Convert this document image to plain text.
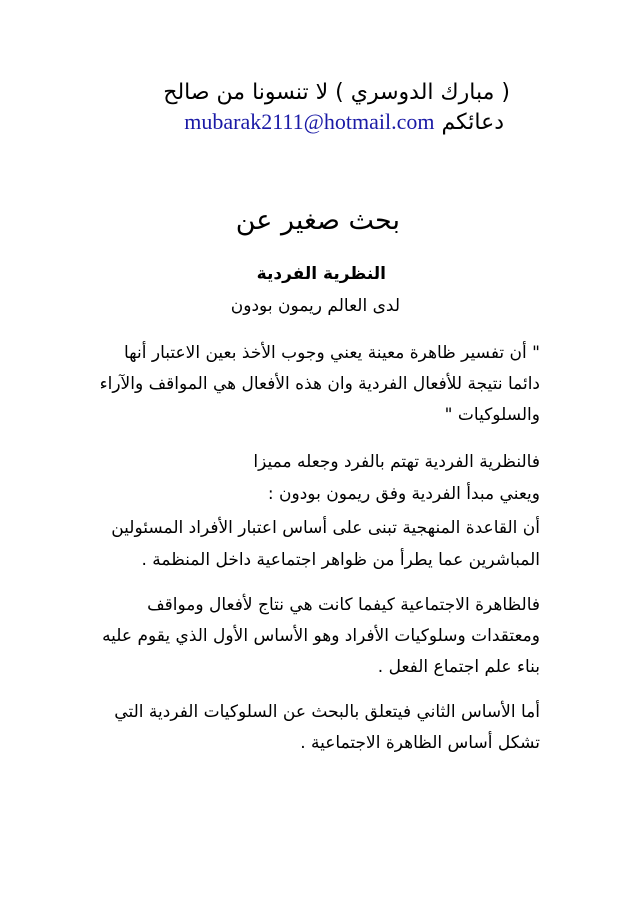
( مبارك الدوسري ) لا تنسونا من صالح
دعائكم mubarak2111@hotmail.com
بحث صغير عن
النظرية الفردية
لدى العالم ريمون بودون
" أن تفسير ظاهرة معينة يعني وجوب الأخذ بعين الاعتبار أنها
دائما نتيجة للأفعال الفردية وان هذه الأفعال هي المواقف والآراء
والسلوكيات "
فالنظرية الفردية تهتم بالفرد وجعله مميزا
ويعني مبدأ الفردية وفق ريمون بودون :
أن القاعدة المنهجية تبنى على أساس اعتبار الأفراد المسئولين
المباشرين عما يطرأ من ظواهر اجتماعية داخل المنظمة .
فالظاهرة الاجتماعية كيفما كانت هي نتاج لأفعال ومواقف
ومعتقدات وسلوكيات الأفراد وهو الأساس الأول الذي يقوم عليه
بناء علم اجتماع الفعل .
أما الأساس الثاني فيتعلق بالبحث عن السلوكيات الفردية التي
تشكل أساس الظاهرة الاجتماعية .
